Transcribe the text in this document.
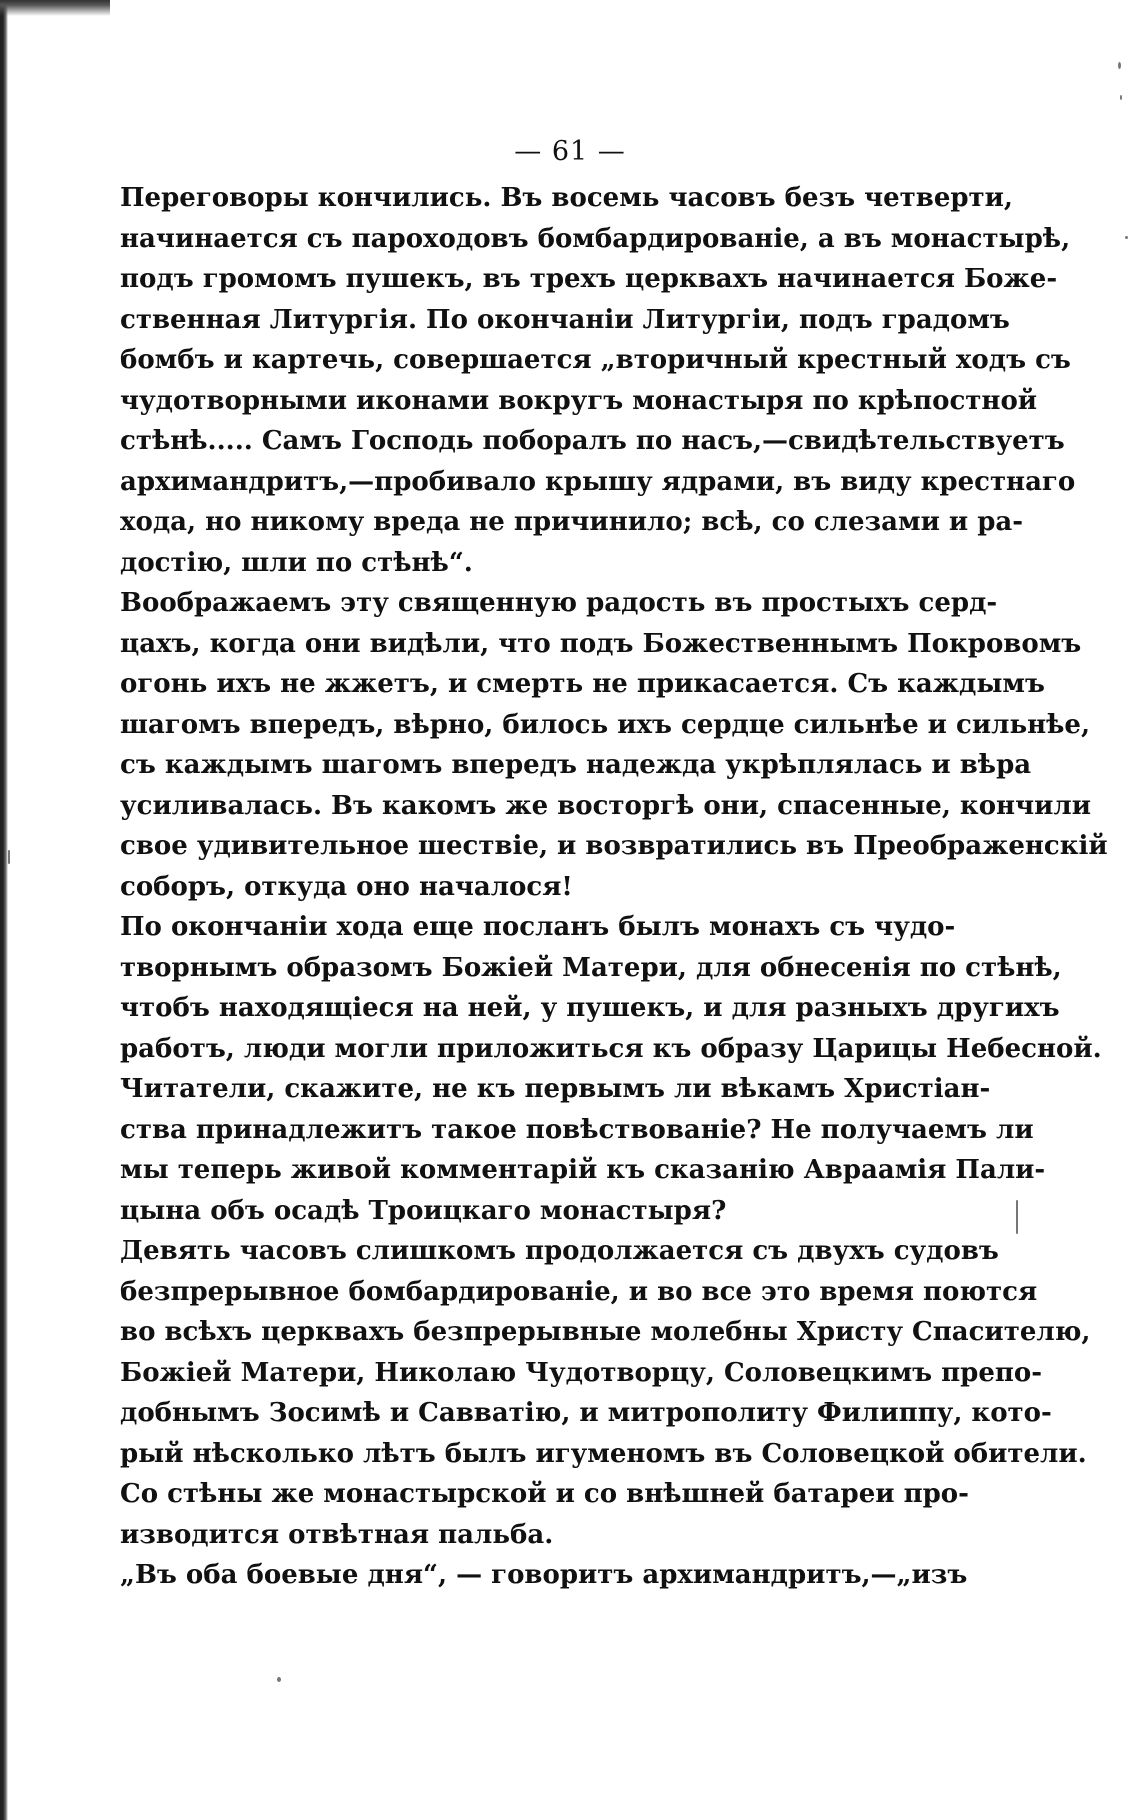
— 61 —
Переговоры кончились. Въ восемь часовъ безъ четверти,
начинается съ пароходовъ бомбардированіе, а въ монастырѣ,
подъ громомъ пушекъ, въ трехъ церквахъ начинается Боже-
ственная Литургія. По окончаніи Литургіи, подъ градомъ
бомбъ и картечь, совершается „вторичный крестный ходъ съ
чудотворными иконами вокругъ монастыря по крѣпостной
стѣнѣ..... Самъ Господь поборалъ по насъ,—свидѣтельствуетъ
архимандритъ,—пробивало крышу ядрами, въ виду крестнаго
хода, но никому вреда не причинило; всѣ, со слезами и ра-
достію, шли по стѣнѣ“.
Воображаемъ эту священную радость въ простыхъ серд-
цахъ, когда они видѣли, что подъ Божественнымъ Покровомъ
огонь ихъ не жжетъ, и смерть не прикасается. Съ каждымъ
шагомъ впередъ, вѣрно, билось ихъ сердце сильнѣе и сильнѣе,
съ каждымъ шагомъ впередъ надежда укрѣплялась и вѣра
усиливалась. Въ какомъ же восторгѣ они, спасенные, кончили
свое удивительное шествіе, и возвратились въ Преображенскій
соборъ, откуда оно началося!
По окончаніи хода еще посланъ былъ монахъ съ чудо-
творнымъ образомъ Божіей Матери, для обнесенія по стѣнѣ,
чтобъ находящіеся на ней, у пушекъ, и для разныхъ другихъ
работъ, люди могли приложиться къ образу Царицы Небесной.
Читатели, скажите, не къ первымъ ли вѣкамъ Христіан-
ства принадлежитъ такое повѣствованіе? Не получаемъ ли
мы теперь живой комментарій къ сказанію Авраамія Пали-
цына объ осадѣ Троицкаго монастыря?
Девять часовъ слишкомъ продолжается съ двухъ судовъ
безпрерывное бомбардированіе, и во все это время поются
во всѣхъ церквахъ безпрерывные молебны Христу Спасителю,
Божіей Матери, Николаю Чудотворцу, Соловецкимъ препо-
добнымъ Зосимѣ и Савватію, и митрополиту Филиппу, кото-
рый нѣсколько лѣтъ былъ игуменомъ въ Соловецкой обители.
Со стѣны же монастырской и со внѣшней батареи про-
изводится отвѣтная пальба.
„Въ оба боевые дня“, — говоритъ архимандритъ,—„изъ
